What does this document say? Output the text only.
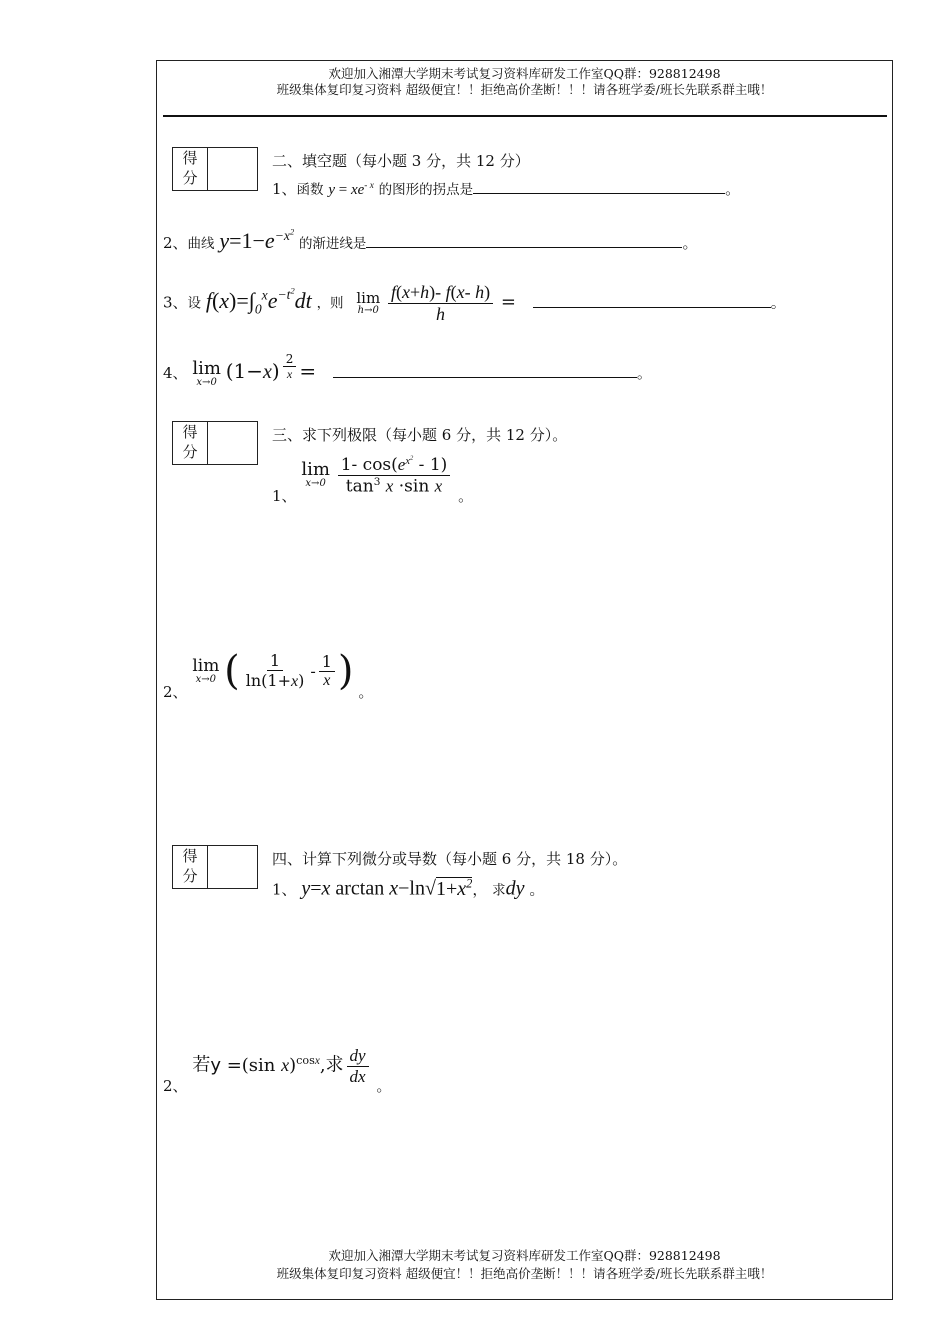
欢迎加入湘潭大学期末考试复习资料库研发工作室QQ群：928812498
班级集体复印复习资料 超级便宜！！拒绝高价垄断！！！请各班学委/班长先联系群主哦！
得
分
二、填空题（每小题 3 分，共 12 分）
1、函数 $y = xe^{- x}$ 的图形的拐点是	。
2、曲线 $y=1-e^{-x^2}$ 的渐进线是	。
3、设 $f(x)=\int_0^xe^{-t^2}dt$ ，则 lim
h→0
$\frac{f(x+h)- f(x- h)}{h}$ =	。
4、 lim
x→0 (1−x) $^{\frac{2}{x}}$ =	。
得
分
三、求下列极限（每小题 6 分，共 12 分）。
1、
lim
x→0
$\frac{1- \cos(e^{x^2} - 1)}{\tan^3 x \cdot\sin x}$ 。
2、
lim
x→0 ( $\frac{1}{\ln(1+x)} - \frac{1}{x}$ ) 。
得
分
四、计算下列微分或导数（每小题 6 分，共 18 分）。
1、 y=x $\arctan x-\ln√1+x^2$， 求dy 。
2、 若y =(sin x)$^{cosx}$,求 $\frac{dy}{dx}$ 。
欢迎加入湘潭大学期末考试复习资料库研发工作室QQ群：928812498
班级集体复印复习资料 超级便宜！！拒绝高价垄断！！！请各班学委/班长先联系群主哦！
